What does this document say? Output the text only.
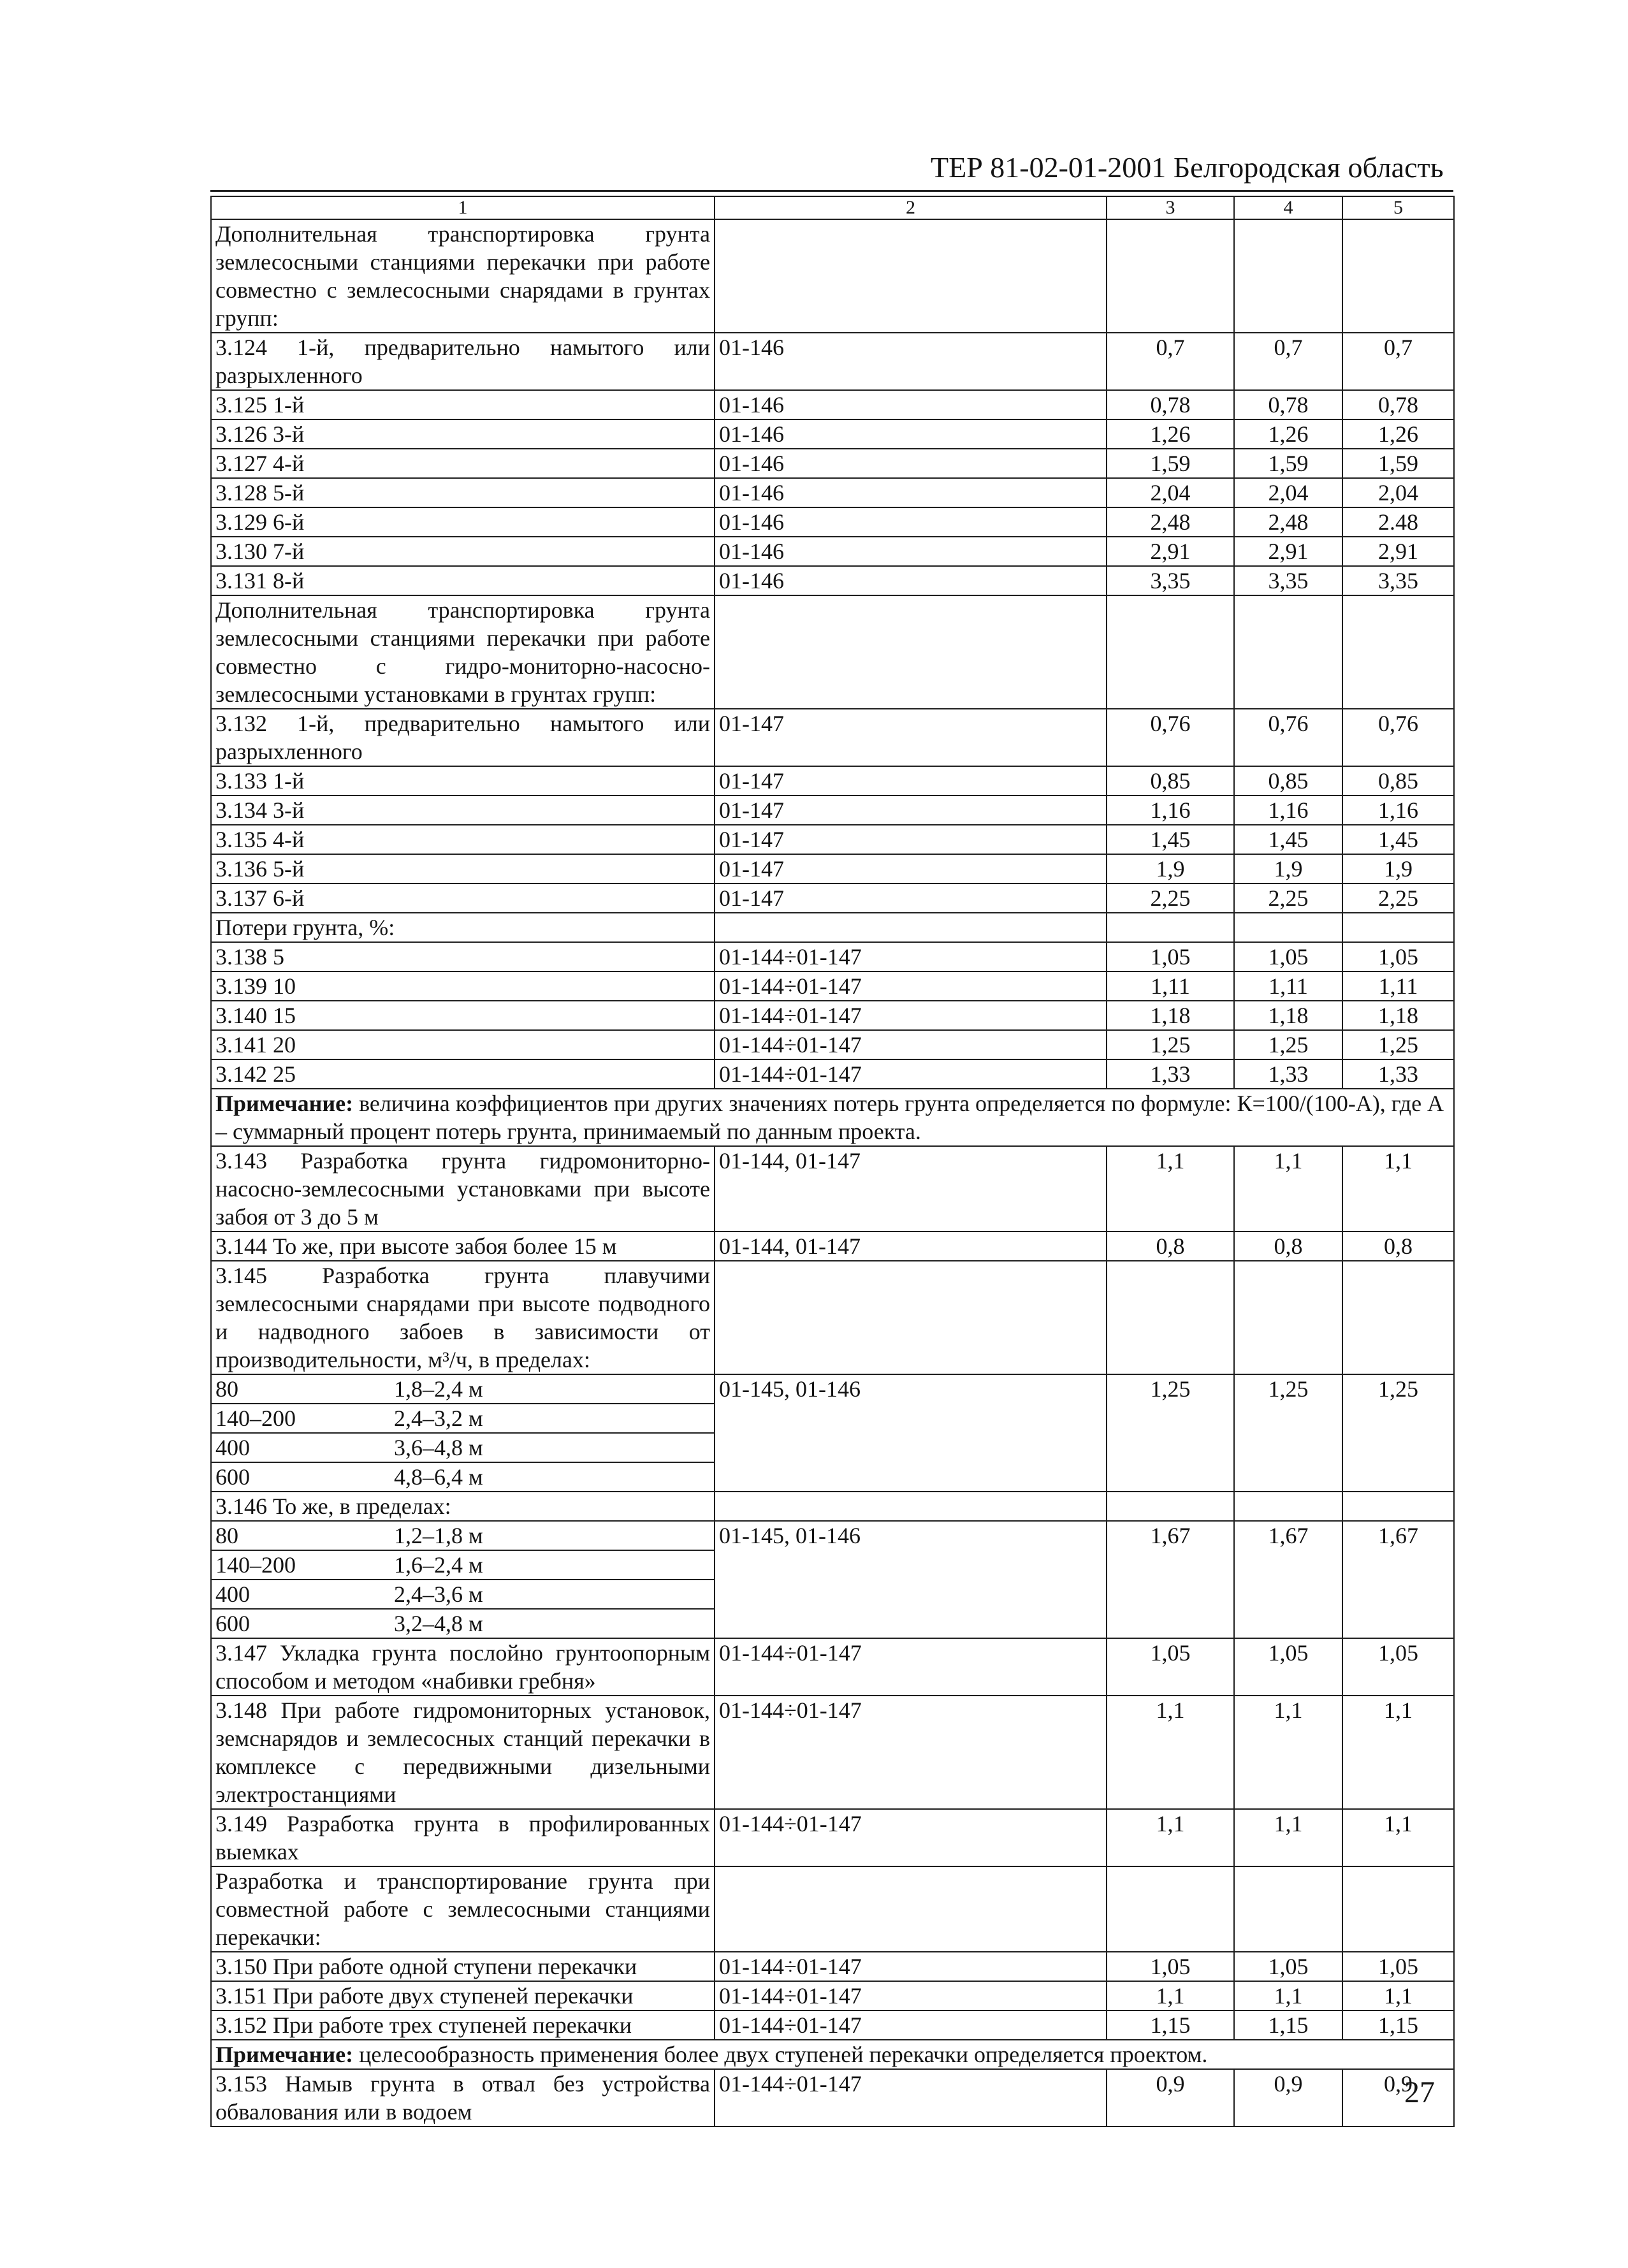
ТЕР 81-02-01-2001 Белгородская область
1	2	3	4	5
Дополнительная транспортировка грунта землесосными станциями перекачки при работе совместно с землесосными снарядами в грунтах групп:				
3.124 1-й, предварительно намытого или разрыхленного	01-146	0,7	0,7	0,7
3.125 1-й	01-146	0,78	0,78	0,78
3.126 3-й	01-146	1,26	1,26	1,26
3.127 4-й	01-146	1,59	1,59	1,59
3.128 5-й	01-146	2,04	2,04	2,04
3.129 6-й	01-146	2,48	2,48	2.48
3.130 7-й	01-146	2,91	2,91	2,91
3.131 8-й	01-146	3,35	3,35	3,35
Дополнительная транспортировка грунта землесосными станциями перекачки при работе совместно с гидро-мониторно-насосно-землесосными установками в грунтах групп:				
3.132 1-й, предварительно намытого или разрыхленного	01-147	0,76	0,76	0,76
3.133 1-й	01-147	0,85	0,85	0,85
3.134 3-й	01-147	1,16	1,16	1,16
3.135 4-й	01-147	1,45	1,45	1,45
3.136 5-й	01-147	1,9	1,9	1,9
3.137 6-й	01-147	2,25	2,25	2,25
Потери грунта, %:				
3.138 5	01-144÷01-147	1,05	1,05	1,05
3.139 10	01-144÷01-147	1,11	1,11	1,11
3.140 15	01-144÷01-147	1,18	1,18	1,18
3.141 20	01-144÷01-147	1,25	1,25	1,25
3.142 25	01-144÷01-147	1,33	1,33	1,33
Примечание: величина коэффициентов при других значениях потерь грунта определяется по формуле: К=100/(100-А), где А – суммарный процент потерь грунта, принимаемый по данным проекта.				
3.143 Разработка грунта гидромониторно-насосно-землесосными установками при высоте забоя от 3 до 5 м	01-144, 01-147	1,1	1,1	1,1
3.144 То же, при высоте забоя более 15 м	01-144, 01-147	0,8	0,8	0,8
3.145 Разработка грунта плавучими землесосными снарядами при высоте подводного и надводного забоев в зависимости от производительности, м³/ч, в пределах:				

80 1,8–2,4 м	01-145, 01-146	1,25	1,25	1,25

140–200 2,4–3,2 м				

400 3,6–4,8 м				

600 4,8–6,4 м				

3.146 То же, в пределах:				

80 1,2–1,8 м	01-145, 01-146	1,67	1,67	1,67

140–200 1,6–2,4 м				

400 2,4–3,6 м				

600 3,2–4,8 м				

3.147 Укладка грунта послойно грунтоопорным способом и методом «набивки гребня»	01-144÷01-147	1,05	1,05	1,05
3.148 При работе гидромониторных установок, земснарядов и землесосных станций перекачки в комплексе с передвижными дизельными электростанциями	01-144÷01-147	1,1	1,1	1,1
3.149 Разработка грунта в профилированных выемках	01-144÷01-147	1,1	1,1	1,1
Разработка и транспортирование грунта при совместной работе с землесосными станциями перекачки:				
3.150 При работе одной ступени перекачки	01-144÷01-147	1,05	1,05	1,05
3.151 При работе двух ступеней перекачки	01-144÷01-147	1,1	1,1	1,1
3.152 При работе трех ступеней перекачки	01-144÷01-147	1,15	1,15	1,15
Примечание: целесообразность применения более двух ступеней перекачки определяется проектом.				
3.153 Намыв грунта в отвал без устройства обвалования или в водоем	01-144÷01-147	0,9	0,9	0,9
27
